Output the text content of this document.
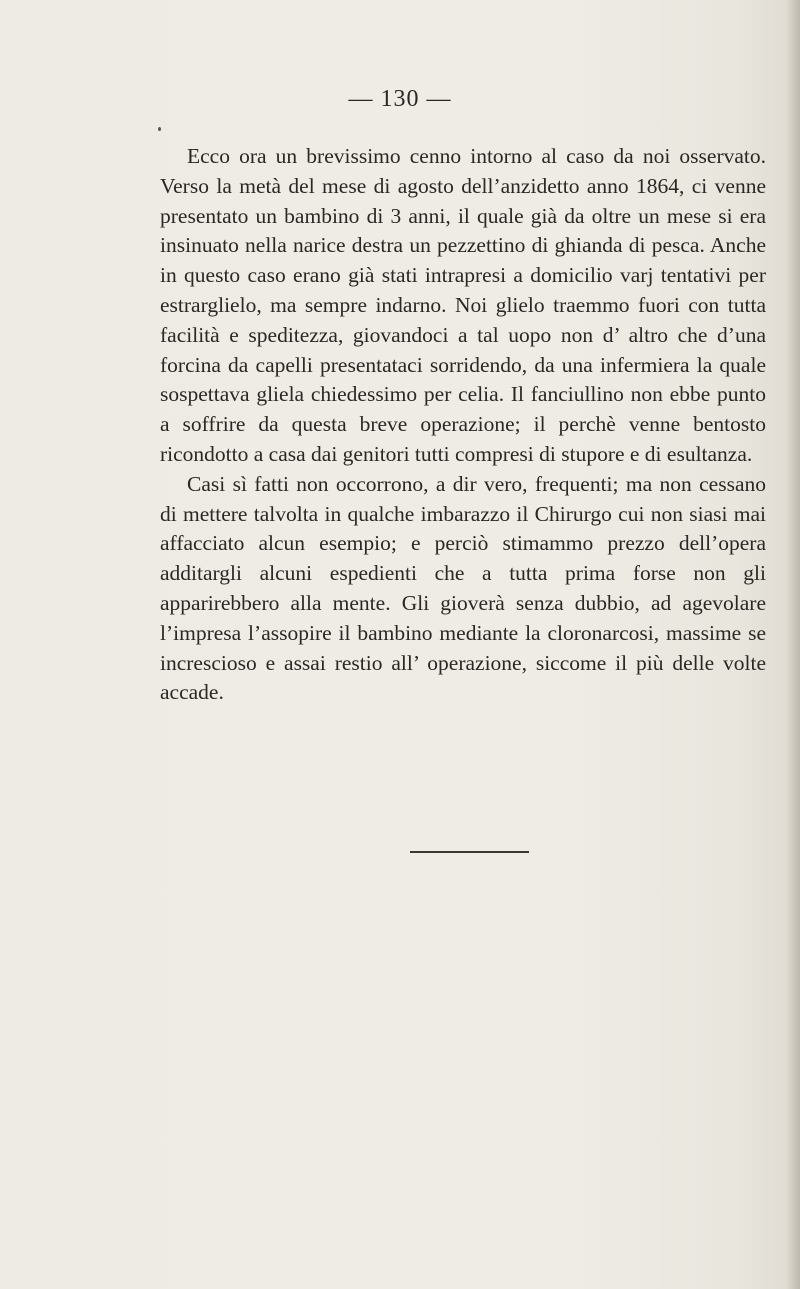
— 130 —

Ecco ora un brevissimo cenno intorno al caso da noi osservato. Verso la metà del mese di agosto dell’anzidetto anno 1864, ci venne presentato un bambino di 3 anni, il quale già da oltre un mese si era insinuato nella narice destra un pezzettino di ghianda di pesca. Anche in questo caso erano già stati intrapresi a domicilio varj tentativi per estrarglielo, ma sempre indarno. Noi glielo traemmo fuori con tutta facilità e speditezza, giovandoci a tal uopo non d’ altro che d’una forcina da capelli presentataci sorridendo, da una infermiera la quale sospettava gliela chiedessimo per celia. Il fanciullino non ebbe punto a soffrire da questa breve operazione; il perchè venne bentosto ricondotto a casa dai genitori tutti compresi di stupore e di esultanza.

Casi sì fatti non occorrono, a dir vero, frequenti; ma non cessano di mettere talvolta in qualche imbarazzo il Chirurgo cui non siasi mai affacciato alcun esempio; e perciò stimammo prezzo dell’opera additargli alcuni espedienti che a tutta prima forse non gli apparirebbero alla mente. Gli gioverà senza dubbio, ad agevolare l’impresa l’assopire il bambino mediante la cloronarcosi, massime se increscioso e assai restio all’ operazione, siccome il più delle volte accade.
